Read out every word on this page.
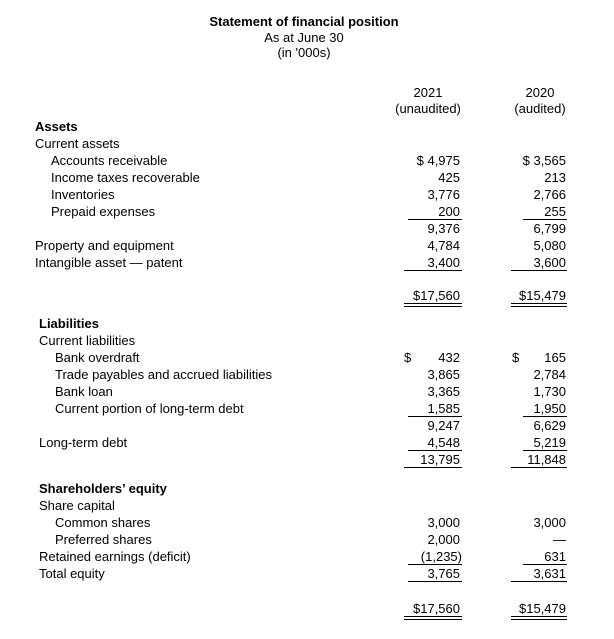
Statement of financial position
As at June 30
(in '000s)
2021
(unaudited)
2020
(audited)
Assets
Current assets
Accounts receivable	$ 4,975	$ 3,565
Income taxes recoverable	425	213
Inventories	3,776	2,766
Prepaid expenses	200	255
9,376	6,799
Property and equipment	4,784	5,080
Intangible asset — patent	3,400	3,600
$17,560	$15,479
Liabilities
Current liabilities
Bank overdraft	$	432	$	165
Trade payables and accrued liabilities	3,865	2,784
Bank loan	3,365	1,730
Current portion of long-term debt	1,585	1,950
9,247	6,629
Long-term debt	4,548	5,219
13,795	11,848
Shareholders’ equity
Share capital
Common shares	3,000	3,000
Preferred shares	2,000	—
Retained earnings (deficit)	(1,235)	631
Total equity	3,765	3,631
$17,560	$15,479
